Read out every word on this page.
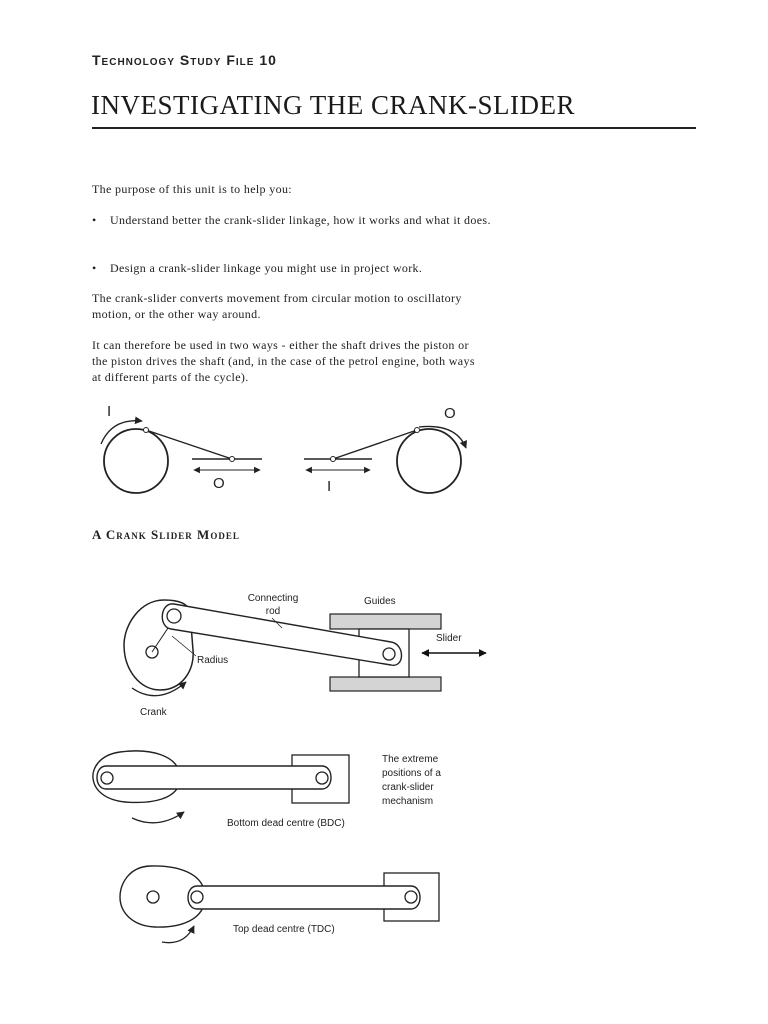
Technology Study File 10
INVESTIGATING THE CRANK-SLIDER

The purpose of this unit is to help you:

•	Understand better the crank-slider linkage, how it works and what it does.
•	Design a crank-slider linkage you might use in project work.

The crank-slider converts movement from circular motion to oscillatory motion, or the other way around.

It can therefore be used in two ways - either the shaft drives the piston or the piston drives the shaft (and, in the case of the petrol engine, both ways at different parts of the cycle).

I
O
O
I
A Crank Slider Model
Connecting
rod
Guides
Slider
Radius
Crank
Bottom dead centre (BDC)
The extreme
positions of a
crank-slider
mechanism
Top dead centre (TDC)
